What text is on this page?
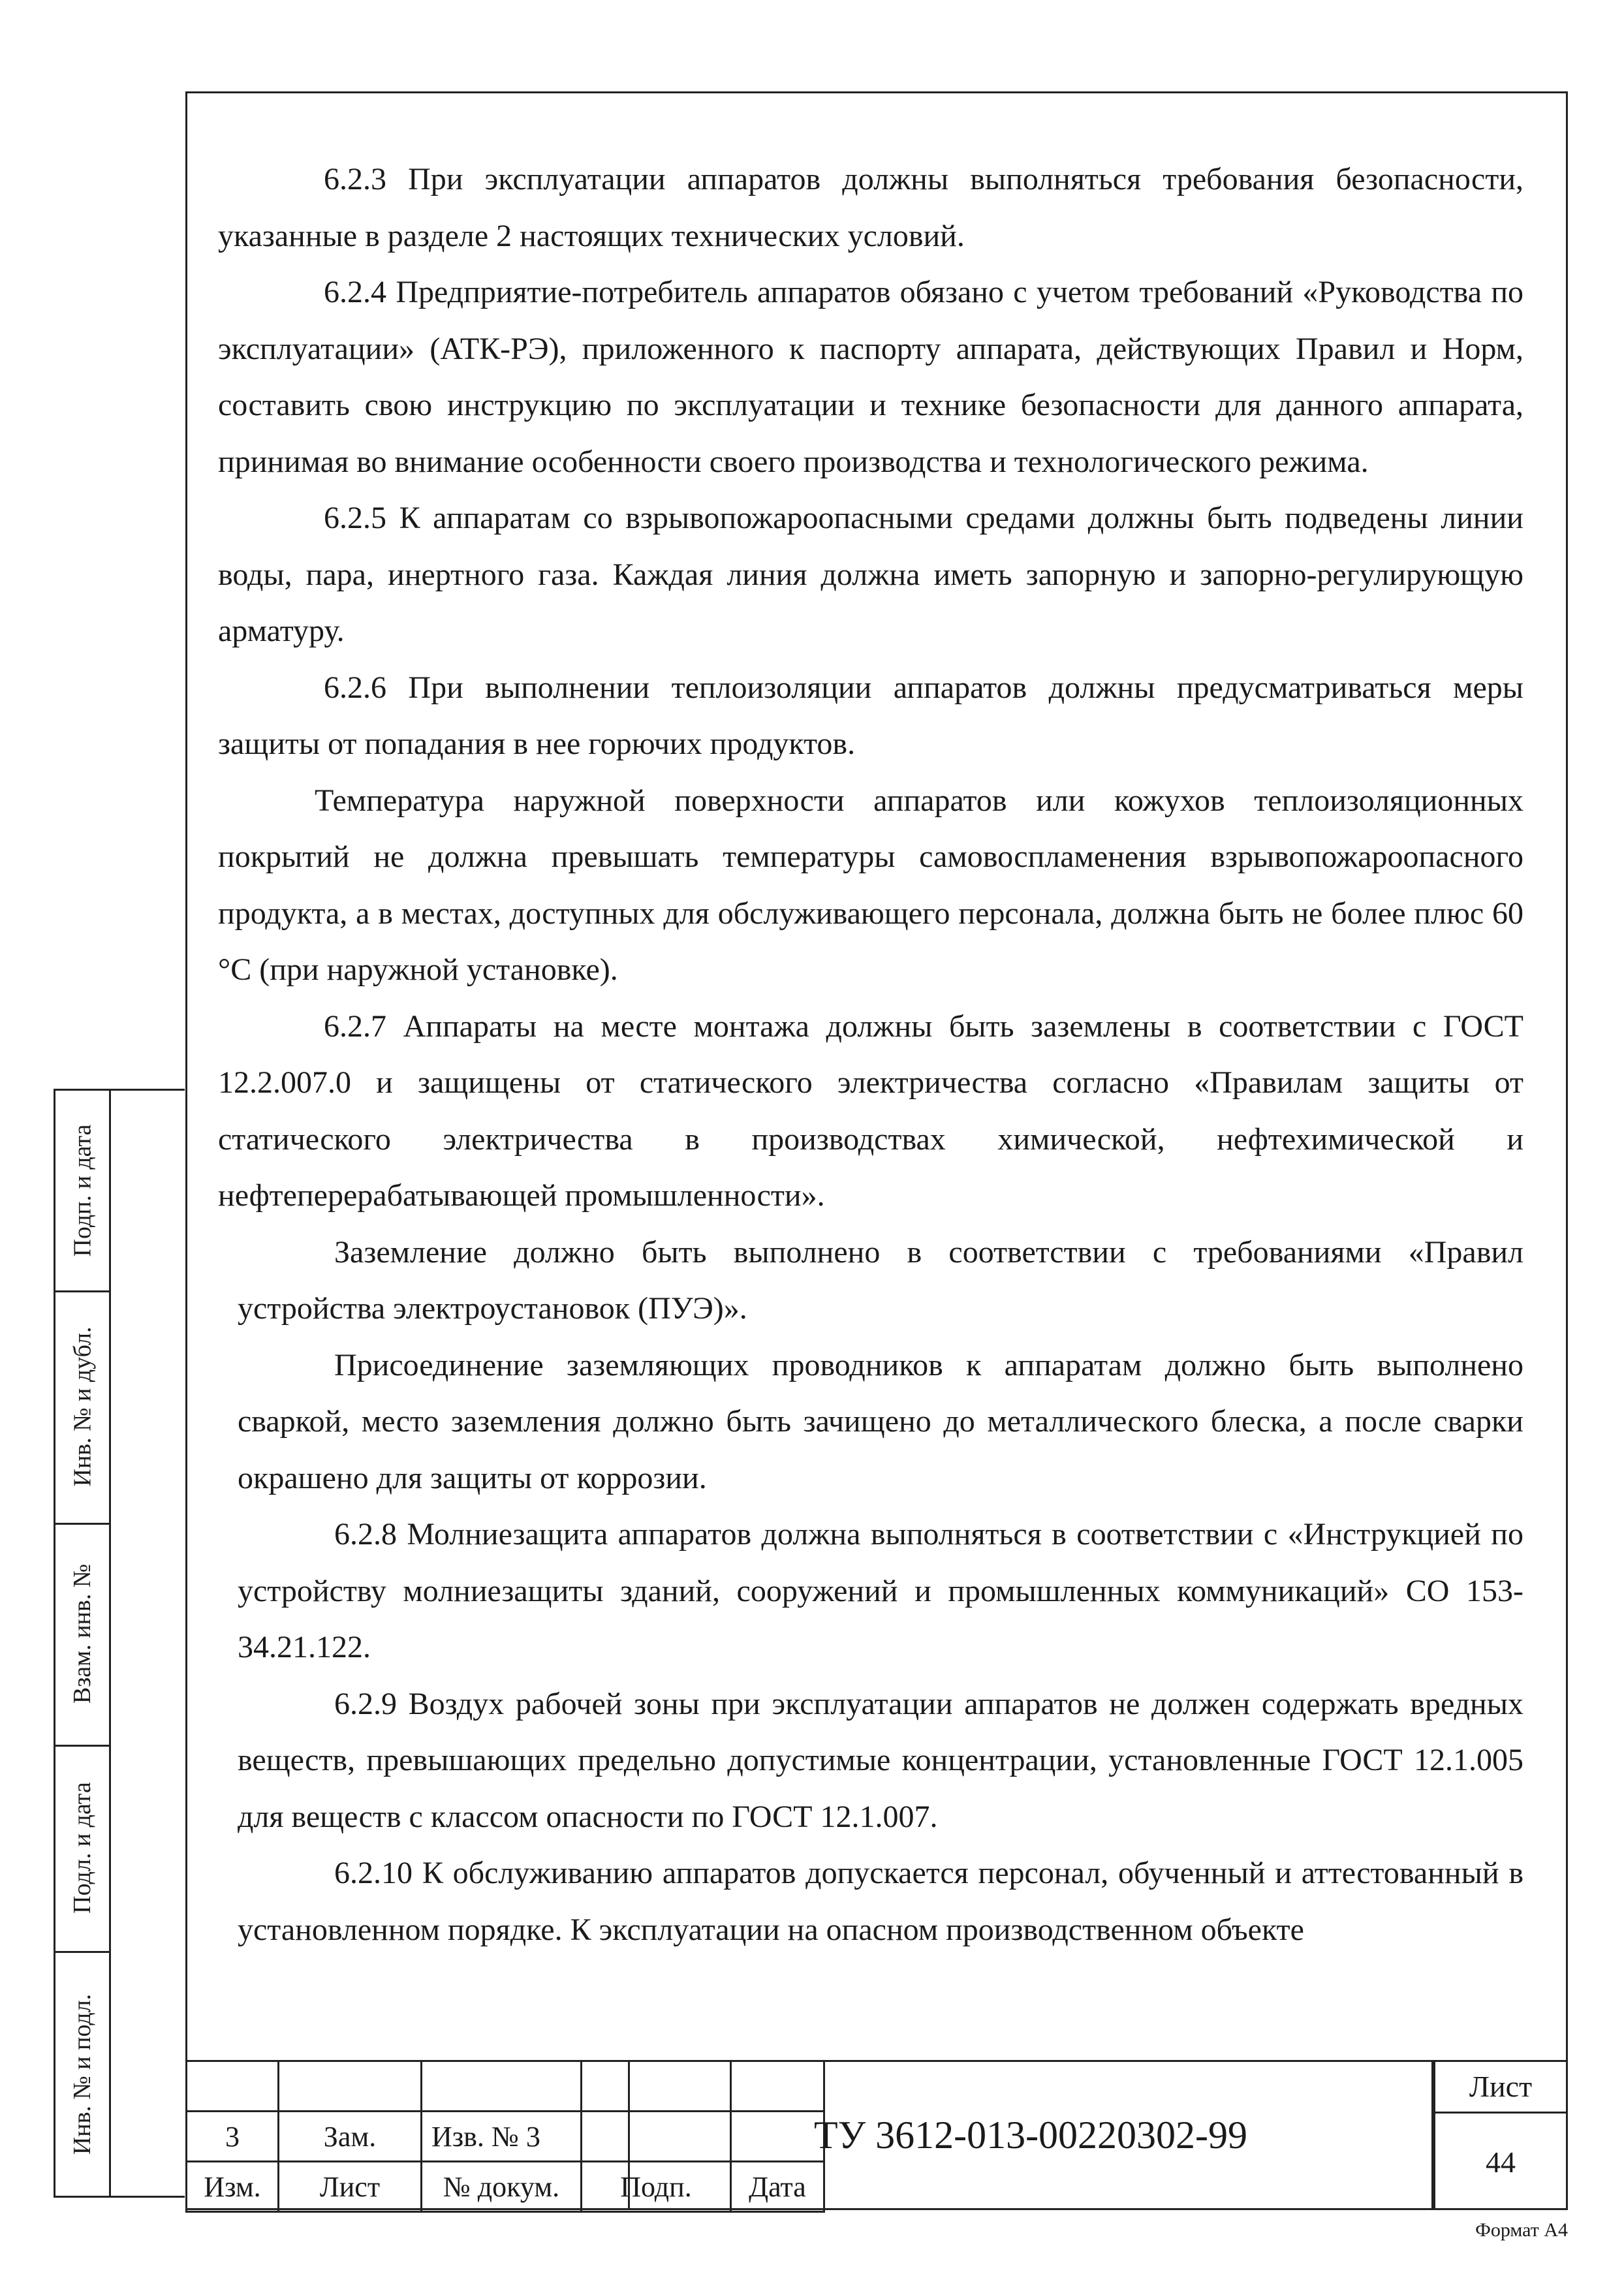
6.2.3 При эксплуатации аппаратов должны выполняться требования безопасности, указанные в разделе 2 настоящих технических условий.

6.2.4 Предприятие-потребитель аппаратов обязано с учетом требований «Руководства по эксплуатации» (АТК-РЭ), приложенного к паспорту аппарата, действующих Правил и Норм, составить свою инструкцию по эксплуатации и технике безопасности для данного аппарата, принимая во внимание особенности своего производства и технологического режима.

6.2.5 К аппаратам со взрывопожароопасными средами должны быть подведены линии воды, пара, инертного газа. Каждая линия должна иметь запорную и запорно-регулирующую арматуру.

6.2.6 При выполнении теплоизоляции аппаратов должны предусматриваться меры защиты от попадания в нее горючих продуктов.

Температура наружной поверхности аппаратов или кожухов теплоизоляционных покрытий не должна превышать температуры самовоспламенения взрывопожароопасного продукта, а в местах, доступных для обслуживающего персонала, должна быть не более плюс 60 °С (при наружной установке).

6.2.7 Аппараты на месте монтажа должны быть заземлены в соответствии с ГОСТ 12.2.007.0 и защищены от статического электричества согласно «Правилам защиты от статического электричества в производствах химической, нефтехимической и нефтеперерабатывающей промышленности».

Заземление должно быть выполнено в соответствии с требованиями «Правил устройства электроустановок (ПУЭ)».

Присоединение заземляющих проводников к аппаратам должно быть выполнено сваркой, место заземления должно быть зачищено до металлического блеска, а после сварки окрашено для защиты от коррозии.

6.2.8 Молниезащита аппаратов должна выполняться в соответствии с «Инструкцией по устройству молниезащиты зданий, сооружений и промышленных коммуникаций» СО 153-34.21.122.

6.2.9 Воздух рабочей зоны при эксплуатации аппаратов не должен содержать вредных веществ, превышающих предельно допустимые концентрации, установленные ГОСТ 12.1.005 для веществ с классом опасности по ГОСТ 12.1.007.

6.2.10 К обслуживанию аппаратов допускается персонал, обученный и аттестованный в установленном порядке. К эксплуатации на опасном производственном объекте

Подп. и дата
Инв. № и дубл.
Взам. инв. №
Подл. и дата
Инв. № и подл.
					3	Зам.	Изв. № 3		
Изм.	Лист	№ докум.	Подп.	Дата
ТУ 3612-013-00220302-99
Лист
44
Формат А4
